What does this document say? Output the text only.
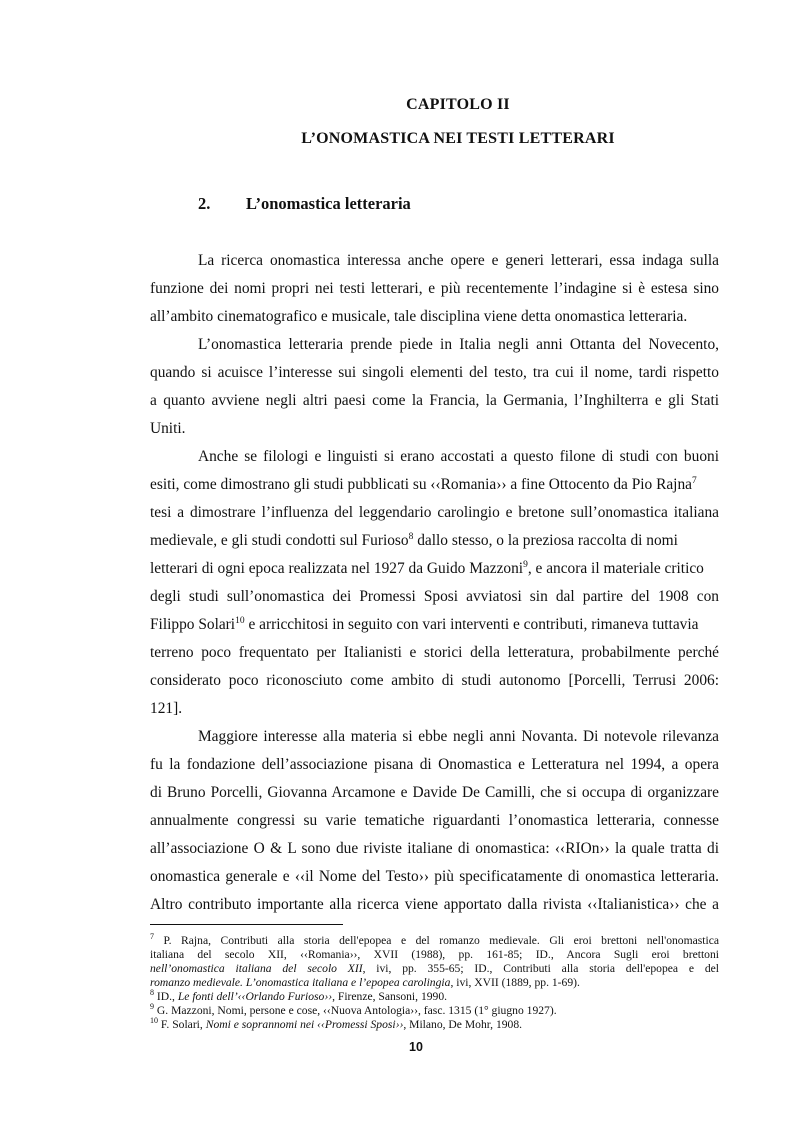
CAPITOLO II
L’ONOMASTICA NEI TESTI LETTERARI
2. L’onomastica letteraria
La ricerca onomastica interessa anche opere e generi letterari, essa indaga sulla
funzione dei nomi propri nei testi letterari, e più recentemente l’indagine si è estesa sino
all’ambito cinematografico e musicale, tale disciplina viene detta onomastica letteraria.
L’onomastica letteraria prende piede in Italia negli anni Ottanta del Novecento,
quando si acuisce l’interesse sui singoli elementi del testo, tra cui il nome, tardi rispetto
a quanto avviene negli altri paesi come la Francia, la Germania, l’Inghilterra e gli Stati
Uniti.
Anche se filologi e linguisti si erano accostati a questo filone di studi con buoni
esiti, come dimostrano gli studi pubblicati su ‹‹Romania›› a fine Ottocento da Pio Rajna$^7$
tesi a dimostrare l’influenza del leggendario carolingio e bretone sull’onomastica italiana
medievale, e gli studi condotti sul Furioso$^8$ dallo stesso, o la preziosa raccolta di nomi
letterari di ogni epoca realizzata nel 1927 da Guido Mazzoni$^9$, e ancora il materiale critico
degli studi sull’onomastica dei Promessi Sposi avviatosi sin dal partire del 1908 con
Filippo Solari$^{10}$ e arricchitosi in seguito con vari interventi e contributi, rimaneva tuttavia
terreno poco frequentato per Italianisti e storici della letteratura, probabilmente perché
considerato poco riconosciuto come ambito di studi autonomo [Porcelli, Terrusi 2006:
121].
Maggiore interesse alla materia si ebbe negli anni Novanta. Di notevole rilevanza
fu la fondazione dell’associazione pisana di Onomastica e Letteratura nel 1994, a opera
di Bruno Porcelli, Giovanna Arcamone e Davide De Camilli, che si occupa di organizzare
annualmente congressi su varie tematiche riguardanti l’onomastica letteraria, connesse
all’associazione O & L sono due riviste italiane di onomastica: ‹‹RIOn›› la quale tratta di
onomastica generale e ‹‹il Nome del Testo›› più specificatamente di onomastica letteraria.
Altro contributo importante alla ricerca viene apportato dalla rivista ‹‹Italianistica›› che a
$^7$ P. Rajna, Contributi alla storia dell'epopea e del romanzo medievale. Gli eroi brettoni nell'onomastica
italiana del secolo XII, ‹‹Romania››, XVII (1988), pp. 161-85; ID., Ancora Sugli eroi brettoni
nell’onomastica italiana del secolo XII, ivi, pp. 355-65; ID., Contributi alla storia dell'epopea e del
romanzo medievale. L’onomastica italiana e l’epopea carolingia, ivi, XVII (1889, pp. 1-69).
$^8$ ID., Le fonti dell’‹‹Orlando Furioso››, Firenze, Sansoni, 1990.
$^9$ G. Mazzoni, Nomi, persone e cose, ‹‹Nuova Antologia››, fasc. 1315 (1° giugno 1927).
$^{10}$ F. Solari, Nomi e soprannomi nei ‹‹Promessi Sposi››, Milano, De Mohr, 1908.
10
